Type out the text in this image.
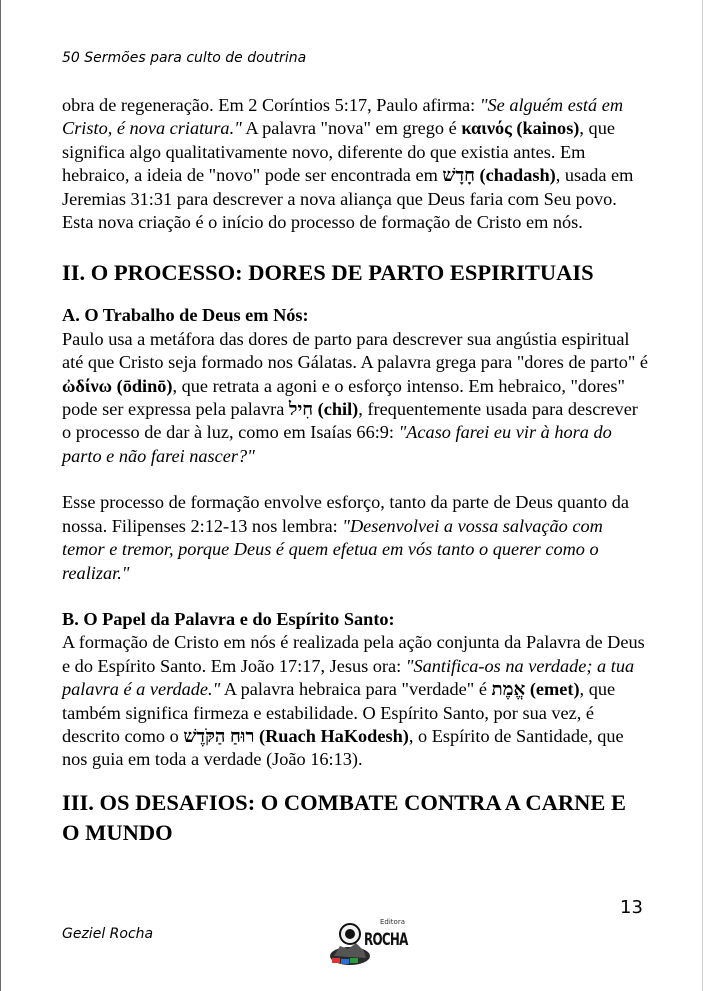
50 Sermões para culto de doutrina

obra de regeneração. Em 2 Coríntios 5:17, Paulo afirma: "Se alguém está em Cristo, é nova criatura." A palavra "nova" em grego é καινός (kainos), que significa algo qualitativamente novo, diferente do que existia antes. Em hebraico, a ideia de "novo" pode ser encontrada em חָדָשׁ (chadash), usada em Jeremias 31:31 para descrever a nova aliança que Deus faria com Seu povo. Esta nova criação é o início do processo de formação de Cristo em nós.

II. O PROCESSO: DORES DE PARTO ESPIRITUAIS

A. O Trabalho de Deus em Nós:

Paulo usa a metáfora das dores de parto para descrever sua angústia espiritual até que Cristo seja formado nos Gálatas. A palavra grega para "dores de parto" é ὠδίνω (ōdinō), que retrata a agoni e o esforço intenso. Em hebraico, "dores" pode ser expressa pela palavra חִיל (chil), frequentemente usada para descrever o processo de dar à luz, como em Isaías 66:9: "Acaso farei eu vir à hora do parto e não farei nascer?"

Esse processo de formação envolve esforço, tanto da parte de Deus quanto da nossa. Filipenses 2:12-13 nos lembra: "Desenvolvei a vossa salvação com temor e tremor, porque Deus é quem efetua em vós tanto o querer como o realizar."

B. O Papel da Palavra e do Espírito Santo:

A formação de Cristo em nós é realizada pela ação conjunta da Palavra de Deus e do Espírito Santo. Em João 17:17, Jesus ora: "Santifica-os na verdade; a tua palavra é a verdade." A palavra hebraica para "verdade" é אֱמֶת (emet), que também significa firmeza e estabilidade. O Espírito Santo, por sua vez, é descrito como o רוּחַ הַקֹּדֶשׁ (Ruach HaKodesh), o Espírito de Santidade, que nos guia em toda a verdade (João 16:13).

III. OS DESAFIOS: O COMBATE CONTRA A CARNE E O MUNDO
13
Geziel Rocha
Editora
ROCHA
